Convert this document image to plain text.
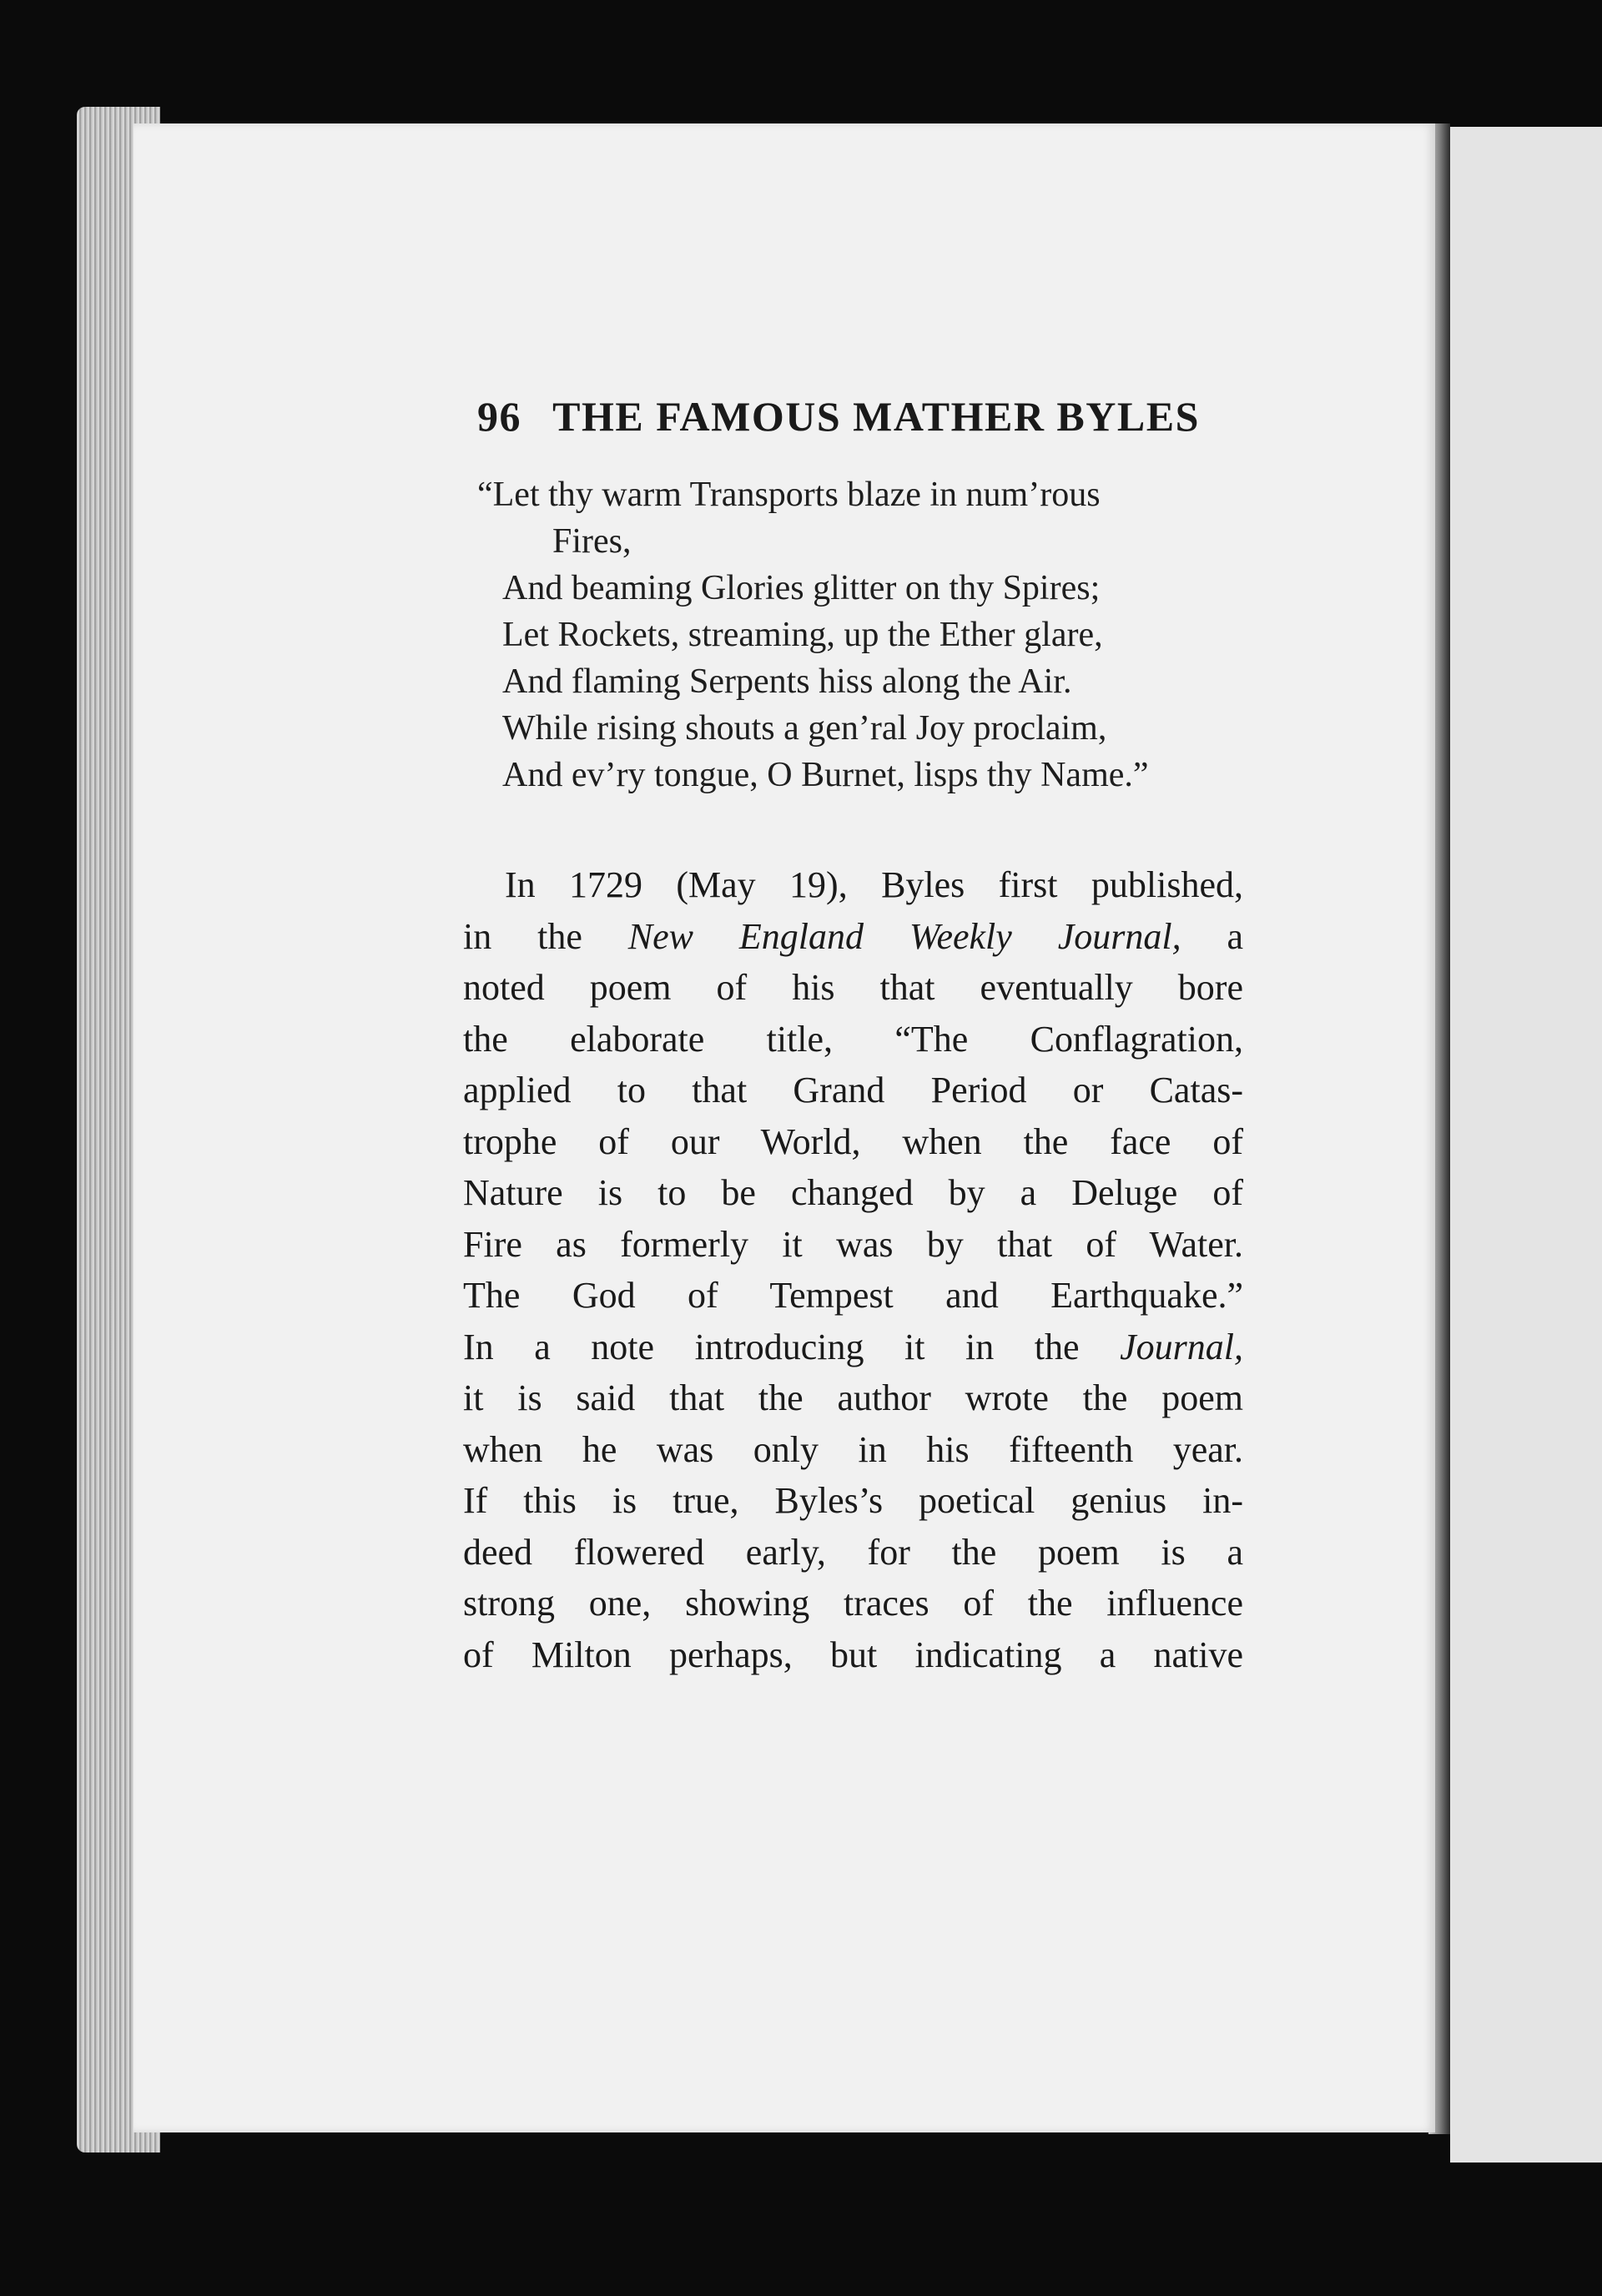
96 THE FAMOUS MATHER BYLES
“Let thy warm Transports blaze in num’rous
Fires,
And beaming Glories glitter on thy Spires;
Let Rockets, streaming, up the Ether glare,
And flaming Serpents hiss along the Air.
While rising shouts a gen’ral Joy proclaim,
And ev’ry tongue, O Burnet, lisps thy Name.”
In 1729 (May 19), Byles first published,
in the New England Weekly Journal, a
noted poem of his that eventually bore
the elaborate title, “The Conflagration,
applied to that Grand Period or Catas-
trophe of our World, when the face of
Nature is to be changed by a Deluge of
Fire as formerly it was by that of Water.
The God of Tempest and Earthquake.”
In a note introducing it in the Journal,
it is said that the author wrote the poem
when he was only in his fifteenth year.
If this is true, Byles’s poetical genius in-
deed flowered early, for the poem is a
strong one, showing traces of the influence
of Milton perhaps, but indicating a native
